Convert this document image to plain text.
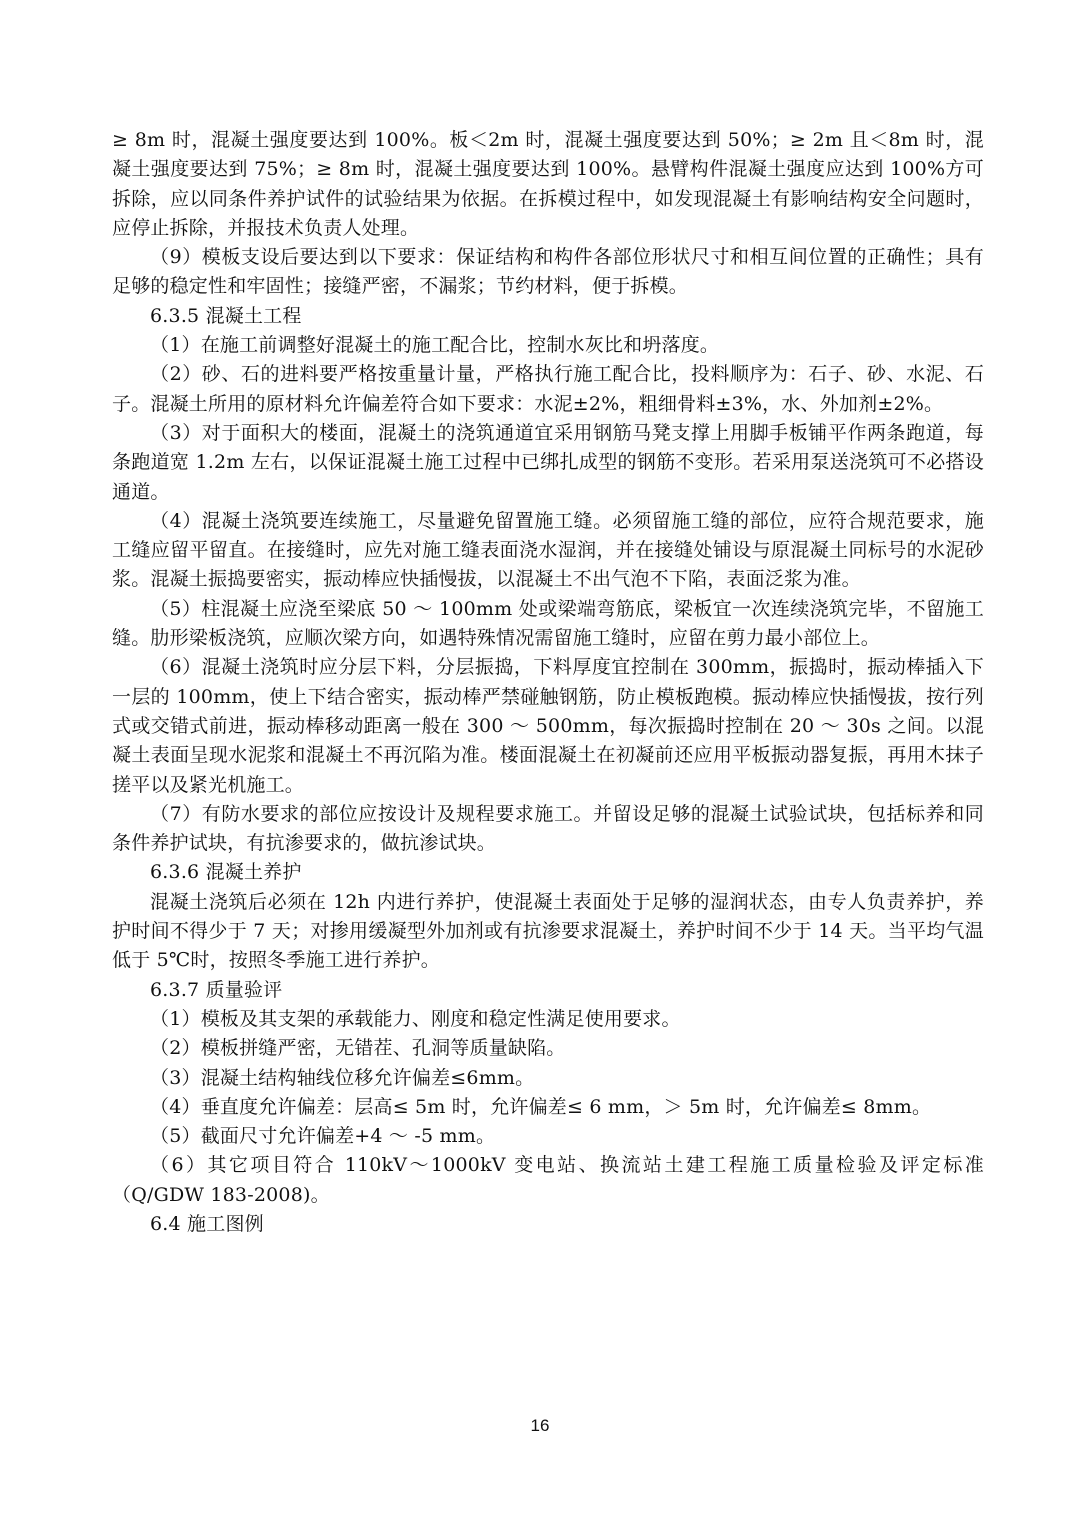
≥ 8m 时，混凝土强度要达到 100%。板＜2m 时，混凝土强度要达到 50%；≥ 2m 且＜8m 时，混凝土强度要达到 75%；≥ 8m 时，混凝土强度要达到 100%。悬臂构件混凝土强度应达到 100%方可拆除，应以同条件养护试件的试验结果为依据。在拆模过程中，如发现混凝土有影响结构安全问题时，应停止拆除，并报技术负责人处理。

（9）模板支设后要达到以下要求：保证结构和构件各部位形状尺寸和相互间位置的正确性；具有足够的稳定性和牢固性；接缝严密，不漏浆；节约材料，便于拆模。

6.3.5 混凝土工程

（1）在施工前调整好混凝土的施工配合比，控制水灰比和坍落度。

（2）砂、石的进料要严格按重量计量，严格执行施工配合比，投料顺序为：石子、砂、水泥、石子。混凝土所用的原材料允许偏差符合如下要求：水泥±2%，粗细骨料±3%，水、外加剂±2%。

（3）对于面积大的楼面，混凝土的浇筑通道宜采用钢筋马凳支撑上用脚手板铺平作两条跑道，每条跑道宽 1.2m 左右，以保证混凝土施工过程中已绑扎成型的钢筋不变形。若采用泵送浇筑可不必搭设通道。

（4）混凝土浇筑要连续施工，尽量避免留置施工缝。必须留施工缝的部位，应符合规范要求，施工缝应留平留直。在接缝时，应先对施工缝表面浇水湿润，并在接缝处铺设与原混凝土同标号的水泥砂浆。混凝土振捣要密实，振动棒应快插慢拔，以混凝土不出气泡不下陷，表面泛浆为准。

（5）柱混凝土应浇至梁底 50 ～ 100mm 处或梁端弯筋底，梁板宜一次连续浇筑完毕，不留施工缝。肋形梁板浇筑，应顺次梁方向，如遇特殊情况需留施工缝时，应留在剪力最小部位上。

（6）混凝土浇筑时应分层下料，分层振捣，下料厚度宜控制在 300mm，振捣时，振动棒插入下一层的 100mm，使上下结合密实，振动棒严禁碰触钢筋，防止模板跑模。振动棒应快插慢拔，按行列式或交错式前进，振动棒移动距离一般在 300 ～ 500mm，每次振捣时控制在 20 ～ 30s 之间。以混凝土表面呈现水泥浆和混凝土不再沉陷为准。楼面混凝土在初凝前还应用平板振动器复振，再用木抹子搓平以及紧光机施工。

（7）有防水要求的部位应按设计及规程要求施工。并留设足够的混凝土试验试块，包括标养和同条件养护试块，有抗渗要求的，做抗渗试块。

6.3.6 混凝土养护

混凝土浇筑后必须在 12h 内进行养护，使混凝土表面处于足够的湿润状态，由专人负责养护，养护时间不得少于 7 天；对掺用缓凝型外加剂或有抗渗要求混凝土，养护时间不少于 14 天。当平均气温低于 5℃时，按照冬季施工进行养护。

6.3.7 质量验评

（1）模板及其支架的承载能力、刚度和稳定性满足使用要求。

（2）模板拼缝严密，无错茬、孔洞等质量缺陷。

（3）混凝土结构轴线位移允许偏差≤6mm。

（4）垂直度允许偏差：层高≤ 5m 时，允许偏差≤ 6 mm，＞ 5m 时，允许偏差≤ 8mm。

（5）截面尺寸允许偏差+4 ～ -5 mm。

（6）其它项目符合 110kV～1000kV 变电站、换流站土建工程施工质量检验及评定标准（Q/GDW 183-2008)。

6.4 施工图例

16
